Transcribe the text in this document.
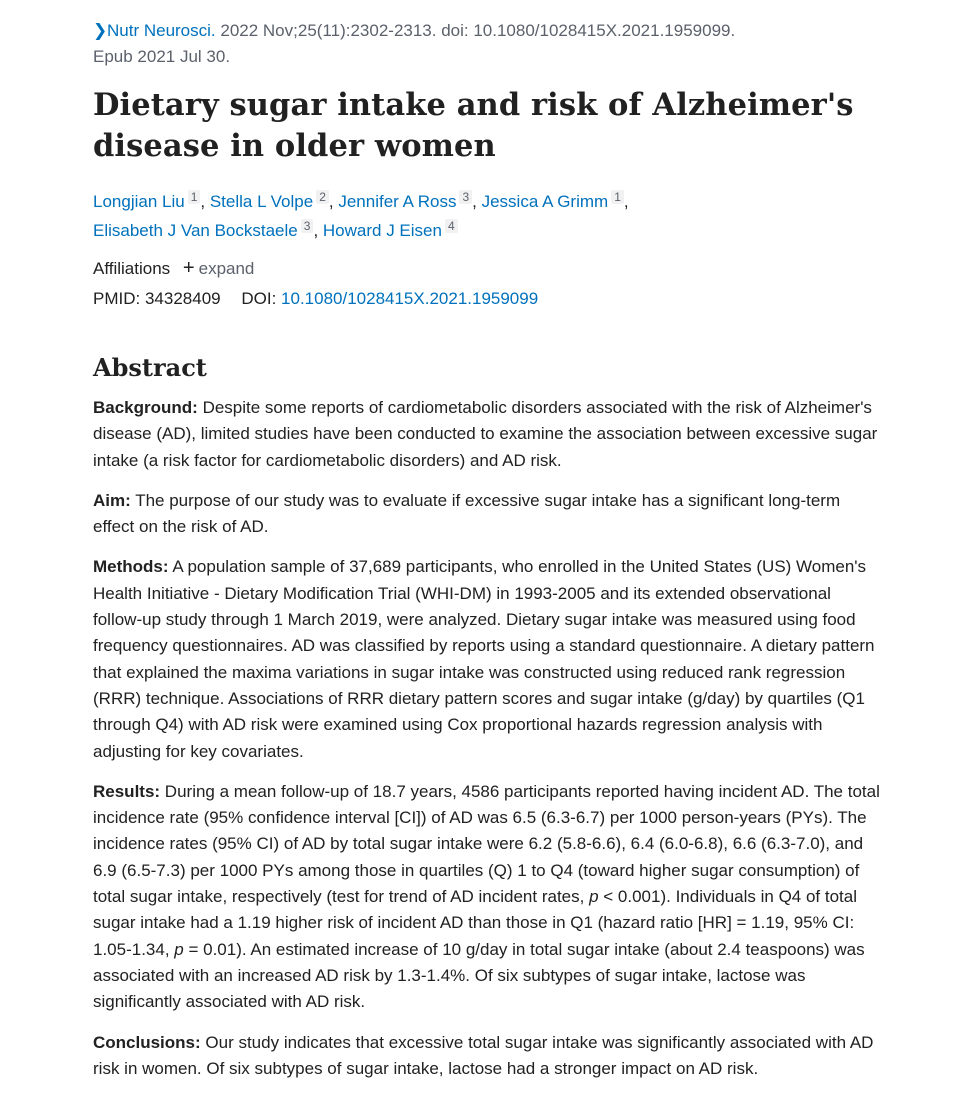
❯Nutr Neurosci. 2022 Nov;25(11):2302-2313. doi: 10.1080/1028415X.2021.1959099.
Epub 2021 Jul 30.
Dietary sugar intake and risk of Alzheimer's disease in older women
Longjian Liu $^1$ , Stella L Volpe $^2$ , Jennifer A Ross $^3$ , Jessica A Grimm $^1$ ,
Elisabeth J Van Bockstaele $^3$ , Howard J Eisen $^4$
Affiliations + expand
PMID: 34328409 DOI: 10.1080/1028415X.2021.1959099
Abstract

Background: Despite some reports of cardiometabolic disorders associated with the risk of Alzheimer's disease (AD), limited studies have been conducted to examine the association between excessive sugar intake (a risk factor for cardiometabolic disorders) and AD risk.

Aim: The purpose of our study was to evaluate if excessive sugar intake has a significant long-term effect on the risk of AD.

Methods: A population sample of 37,689 participants, who enrolled in the United States (US) Women's Health Initiative - Dietary Modification Trial (WHI-DM) in 1993-2005 and its extended observational follow-up study through 1 March 2019, were analyzed. Dietary sugar intake was measured using food frequency questionnaires. AD was classified by reports using a standard questionnaire. A dietary pattern that explained the maxima variations in sugar intake was constructed using reduced rank regression (RRR) technique. Associations of RRR dietary pattern scores and sugar intake (g/day) by quartiles (Q1 through Q4) with AD risk were examined using Cox proportional hazards regression analysis with adjusting for key covariates.

Results: During a mean follow-up of 18.7 years, 4586 participants reported having incident AD. The total incidence rate (95% confidence interval [CI]) of AD was 6.5 (6.3-6.7) per 1000 person-years (PYs). The incidence rates (95% CI) of AD by total sugar intake were 6.2 (5.8-6.6), 6.4 (6.0-6.8), 6.6 (6.3-7.0), and 6.9 (6.5-7.3) per 1000 PYs among those in quartiles (Q) 1 to Q4 (toward higher sugar consumption) of total sugar intake, respectively (test for trend of AD incident rates, p < 0.001). Individuals in Q4 of total sugar intake had a 1.19 higher risk of incident AD than those in Q1 (hazard ratio [HR] = 1.19, 95% CI: 1.05-1.34, p = 0.01). An estimated increase of 10 g/day in total sugar intake (about 2.4 teaspoons) was associated with an increased AD risk by 1.3-1.4%. Of six subtypes of sugar intake, lactose was significantly associated with AD risk.

Conclusions: Our study indicates that excessive total sugar intake was significantly associated with AD risk in women. Of six subtypes of sugar intake, lactose had a stronger impact on AD risk.
